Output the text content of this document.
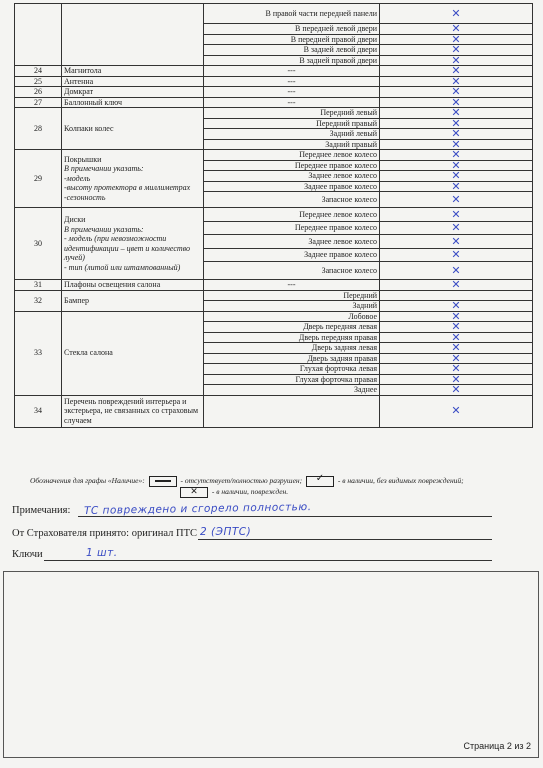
		В правой части передней панели	✕
		В передней левой двери	✕
		В передней правой двери	✕
		В задней левой двери	✕
		В задней правой двери	✕
24	Магнитола	---	✕
25	Антенна	---	✕
26	Домкрат	---	✕
27	Баллонный ключ	---	✕
28	Колпаки колес	Передний левый	✕
		Передний правый	✕
		Задний левый	✕
		Задний правый	✕
29	Покрышки
В примечании указать:
-модель
-высоту протектора в миллиметрах
-сезонность	Переднее левое колесо	✕
		Переднее правое колесо	✕
		Заднее левое колесо	✕
		Заднее правое колесо	✕
		Запасное колесо	✕
30	Диски
В примечании указать:
- модель (при невозможности идентификации – цвет и количество лучей)
- тип (литой или штампованный)	Переднее левое колесо	✕
		Переднее правое колесо	✕
		Заднее левое колесо	✕
		Заднее правое колесо	✕
		Запасное колесо	✕
31	Плафоны освещения салона	---	✕
32	Бампер	Передний	
		Задний	✕
33	Стекла салона	Лобовое	✕
		Дверь передняя левая	✕
		Дверь передняя правая	✕
		Дверь задняя левая	✕
		Дверь задняя правая	✕
		Глухая форточка левая	✕
		Глухая форточка правая	✕
		Заднее	✕
34	Перечень повреждений интерьера и экстерьера, не связанных со страховым случаем		✕
Обозначения для графы «Наличие»:	- отсутствует/полностью разрушен; ✓	- в наличии, без видимых повреждений;
✕ - в наличии, поврежден.
Примечания:	ТС повреждено и сгорело полностью.
От Страхователя принято: оригинал ПТС 2 (ЭПТС)
Ключи	1 шт.
Страница 2 из 2
